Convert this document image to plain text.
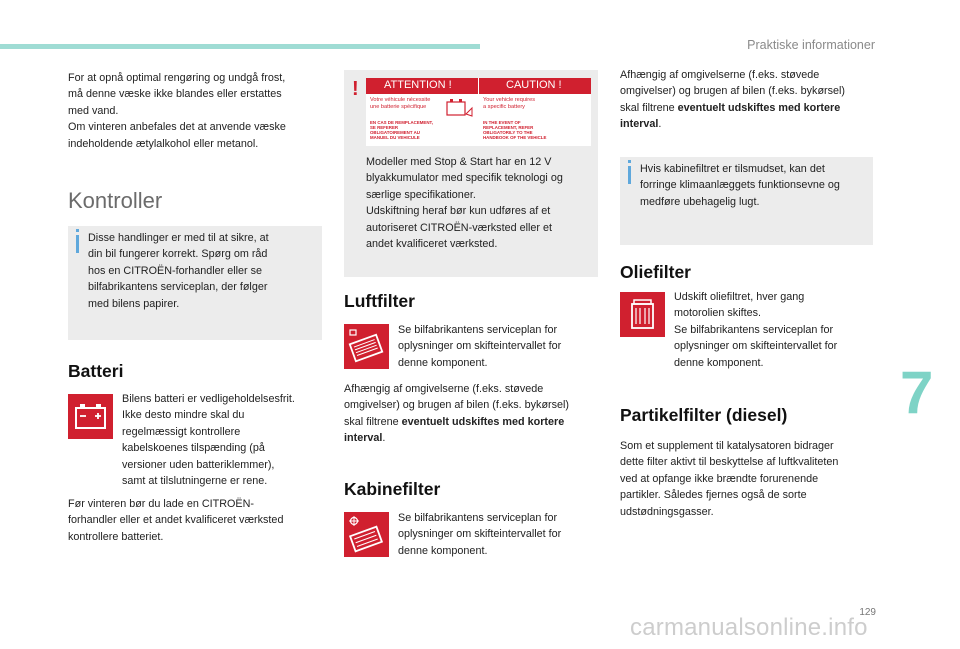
Praktiske informationer
For at opnå optimal rengøring og undgå frost,
må denne væske ikke blandes eller erstattes
med vand.
Om vinteren anbefales det at anvende væske
indeholdende ætylalkohol eller metanol.
Kontroller
Disse handlinger er med til at sikre, at
din bil fungerer korrekt. Spørg om råd
hos en CITROËN-forhandler eller se
bilfabrikantens serviceplan, der følger
med bilens papirer.
Batteri
Bilens batteri er vedligeholdelsesfrit.
Ikke desto mindre skal du
regelmæssigt kontrollere
kabelskoenes tilspænding (på
versioner uden batteriklemmer),
samt at tilslutningerne er rene.
Før vinteren bør du lade en CITROËN-
forhandler eller et andet kvalificeret værksted
kontrollere batteriet.
! ATTENTION !	CAUTION !
Votre véhicule nécessite
une batterie spécifique
Your vehicle requires
a specific battery
EN CAS DE REMPLACEMENT,
SE REFERER
OBLIGATOIREMENT AU
MANUEL DU VEHICULE
IN THE EVENT OF
REPLACEMENT, REFER
OBLIGATORILY TO THE
HANDBOOK OF THE VEHICLE
Modeller med Stop & Start har en 12 V
blyakkumulator med specifik teknologi og
særlige specifikationer.
Udskiftning heraf bør kun udføres af et
autoriseret CITROËN-værksted eller et
andet kvalificeret værksted.
Luftfilter
Se bilfabrikantens serviceplan for
oplysninger om skifteintervallet for
denne komponent.
Afhængig af omgivelserne (f.eks. støvede
omgivelser) og brugen af bilen (f.eks. bykørsel)
skal filtrene eventuelt udskiftes med kortere
interval.
Kabinefilter
Se bilfabrikantens serviceplan for
oplysninger om skifteintervallet for
denne komponent.
Afhængig af omgivelserne (f.eks. støvede
omgivelser) og brugen af bilen (f.eks. bykørsel)
skal filtrene eventuelt udskiftes med kortere
interval.
Hvis kabinefiltret er tilsmudset, kan det
forringe klimaanlæggets funktionsevne og
medføre ubehagelig lugt.
Oliefilter
Udskift oliefiltret, hver gang
motorolien skiftes.
Se bilfabrikantens serviceplan for
oplysninger om skifteintervallet for
denne komponent.
Partikelfilter (diesel)
Som et supplement til katalysatoren bidrager
dette filter aktivt til beskyttelse af luftkvaliteten
ved at opfange ikke brændte forurenende
partikler. Således fjernes også de sorte
udstødningsgasser.
7
129
carmanualsonline.info
